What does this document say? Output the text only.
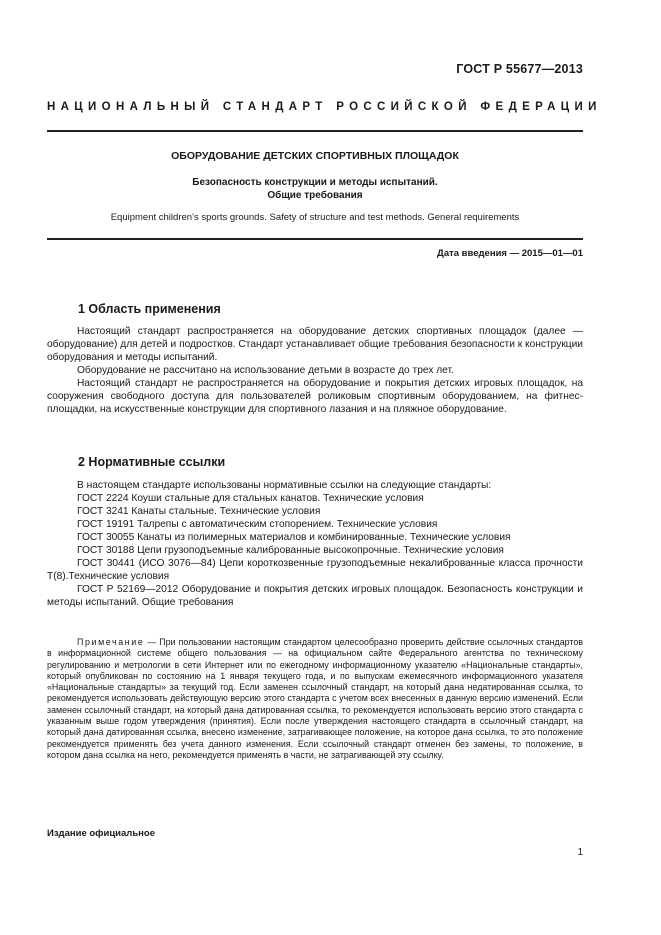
ГОСТ Р 55677—2013
НАЦИОНАЛЬНЫЙ СТАНДАРТ РОССИЙСКОЙ ФЕДЕРАЦИИ
ОБОРУДОВАНИЕ ДЕТСКИХ СПОРТИВНЫХ ПЛОЩАДОК
Безопасность конструкции и методы испытаний.
Общие требования
Equipment children’s sports grounds. Safety of structure and test methods. General requirements
Дата введения — 2015—01—01
1 Область применения

Настоящий стандарт распространяется на оборудование детских спортивных площадок (далее — оборудование) для детей и подростков. Стандарт устанавливает общие требования безопасности к конструкции оборудования и методы испытаний.

Оборудование не рассчитано на использование детьми в возрасте до трех лет.

Настоящий стандарт не распространяется на оборудование и покрытия детских игровых площадок, на сооружения свободного доступа для пользователей роликовым спортивным оборудованием, на фитнес-площадки, на искусственные конструкции для спортивного лазания и на пляжное оборудование.

2 Нормативные ссылки

В настоящем стандарте использованы нормативные ссылки на следующие стандарты:

ГОСТ 2224 Коуши стальные для стальных канатов. Технические условия

ГОСТ 3241 Канаты стальные. Технические условия

ГОСТ 19191 Талрепы с автоматическим стопорением. Технические условия

ГОСТ 30055 Канаты из полимерных материалов и комбинированные. Технические условия

ГОСТ 30188 Цепи грузоподъемные калиброванные высокопрочные. Технические условия

ГОСТ 30441 (ИСО 3076—84) Цепи короткозвенные грузоподъемные некалиброванные класса прочности Т(8).Технические условия

ГОСТ Р 52169—2012 Оборудование и покрытия детских игровых площадок. Безопасность конструкции и методы испытаний. Общие требования

Примечание — При пользовании настоящим стандартом целесообразно проверить действие ссылочных стандартов в информационной системе общего пользования — на официальном сайте Федерального агентства по техническому регулированию и метрологии в сети Интернет или по ежегодному информационному указателю «Национальные стандарты», который опубликован по состоянию на 1 января текущего года, и по выпускам ежемесячного информационного указателя «Национальные стандарты» за текущий год. Если заменен ссылочный стандарт, на который дана недатированная ссылка, то рекомендуется использовать действующую версию этого стандарта с учетом всех внесенных в данную версию изменений. Если заменен ссылочный стандарт, на который дана датированная ссылка, то рекомендуется использовать версию этого стандарта с указанным выше годом утверждения (принятия). Если после утверждения настоящего стандарта в ссылочный стандарт, на который дана датированная ссылка, внесено изменение, затрагивающее положение, на которое дана ссылка, то это положение рекомендуется применять без учета данного изменения. Если ссылочный стандарт отменен без замены, то положение, в котором дана ссылка на него, рекомендуется применять в части, не затрагивающей эту ссылку.

Издание официальное
1
